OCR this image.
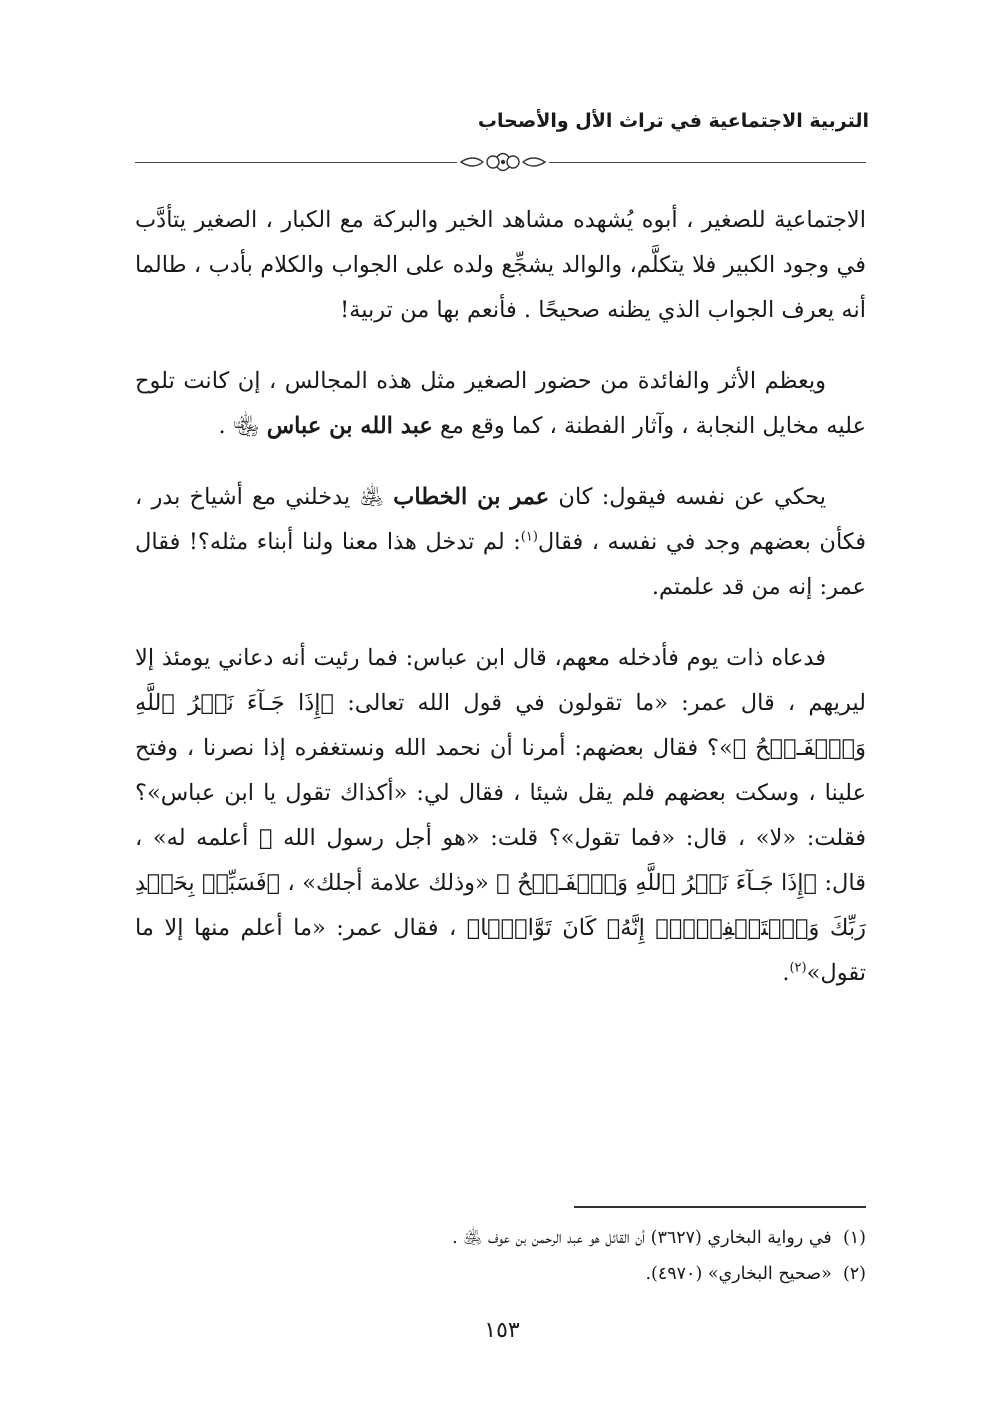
التربية الاجتماعية في تراث الأل والأصحاب

الاجتماعية للصغير ، أبوه يُشهده مشاهد الخير والبركة مع الكبار ، الصغير يتأدَّب في وجود الكبير فلا يتكلَّم، والوالد يشجِّع ولده على الجواب والكلام بأدب ، طالما أنه يعرف الجواب الذي يظنه صحيحًا . فأنعم بها من تربية!

ويعظم الأثر والفائدة من حضور الصغير مثل هذه المجالس ، إن كانت تلوح عليه مخايل النجابة ، وآثار الفطنة ، كما وقع مع عبد الله بن عباس ﵄ .

يحكي عن نفسه فيقول: كان عمر بن الخطاب ﵁ يدخلني مع أشياخ بدر ، فكأن بعضهم وجد في نفسه ، فقال$^{(١)}$: لم تدخل هذا معنا ولنا أبناء مثله؟! فقال عمر: إنه من قد علمتم.

فدعاه ذات يوم فأدخله معهم، قال ابن عباس: فما رئيت أنه دعاني يومئذ إلا ليريهم ، قال عمر: «ما تقولون في قول الله تعالى: ﴿إِذَا جَـآءَ نَصۡرُ ٱللَّهِ وَٱلۡفَـتۡحُ ﴾»؟ فقال بعضهم: أمرنا أن نحمد الله ونستغفره إذا نصرنا ، وفتح علينا ، وسكت بعضهم فلم يقل شيئا ، فقال لي: «أكذاك تقول يا ابن عباس»؟ فقلت: «لا» ، قال: «فما تقول»؟ قلت: «هو أجل رسول الله ﷺ أعلمه له» ، قال: ﴿إِذَا جَـآءَ نَصۡرُ ٱللَّهِ وَٱلۡفَـتۡحُ ﴾ «وذلك علامة أجلك» ، ﴿فَسَبِّحۡ بِحَمۡدِ رَبِّكَ وَٱسۡتَغۡفِرۡهُۚ إِنَّهُۥ كَانَ تَوَّابَۢا﴾ ، فقال عمر: «ما أعلم منها إلا ما تقول»$^{(٢)}$.

(١)  في رواية البخاري (٣٦٢٧) أن القائل هو عبد الرحمن بن عوف ﵁ .
(٢)  «صحيح البخاري» (٤٩٧٠).
١٥٣
